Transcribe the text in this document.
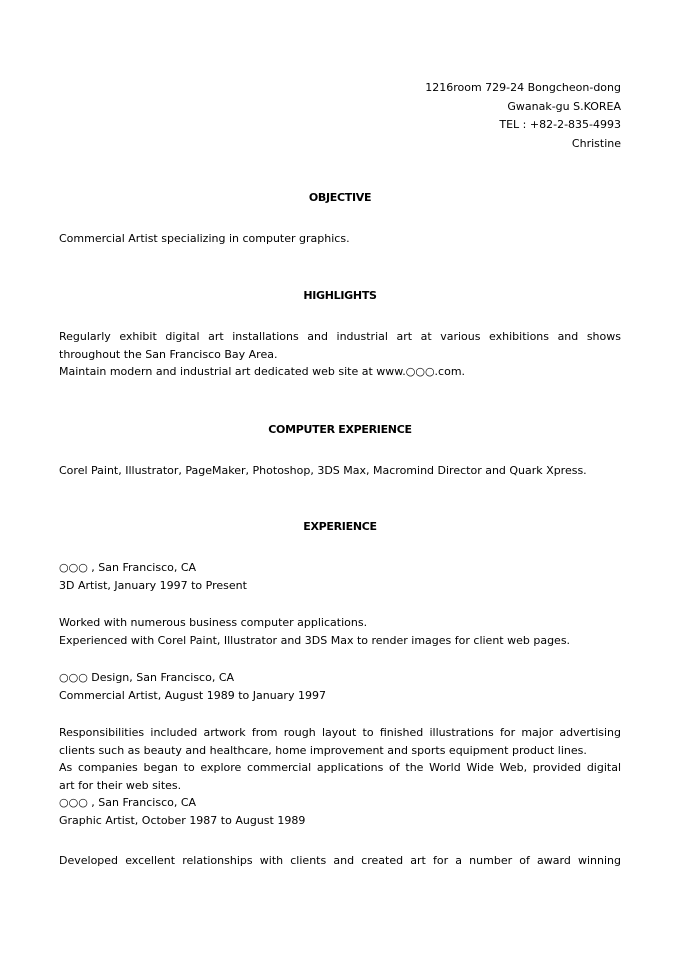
1216room 729-24 Bongcheon-dong
Gwanak-gu S.KOREA
TEL : +82-2-835-4993
Christine
OBJECTIVE
Commercial Artist specializing in computer graphics.
HIGHLIGHTS
Regularly exhibit digital art installations and industrial art at various exhibitions and shows
throughout the San Francisco Bay Area.
Maintain modern and industrial art dedicated web site at www.○○○.com.
COMPUTER EXPERIENCE
Corel Paint, Illustrator, PageMaker, Photoshop, 3DS Max, Macromind Director and Quark Xpress.
EXPERIENCE
○○○ , San Francisco, CA
3D Artist, January 1997 to Present
Worked with numerous business computer applications.
Experienced with Corel Paint, Illustrator and 3DS Max to render images for client web pages.
○○○ Design, San Francisco, CA
Commercial Artist, August 1989 to January 1997
Responsibilities included artwork from rough layout to finished illustrations for major advertising
clients such as beauty and healthcare, home improvement and sports equipment product lines.
As companies began to explore commercial applications of the World Wide Web, provided digital
art for their web sites.
○○○ , San Francisco, CA
Graphic Artist, October 1987 to August 1989
Developed excellent relationships with clients and created art for a number of award winning
